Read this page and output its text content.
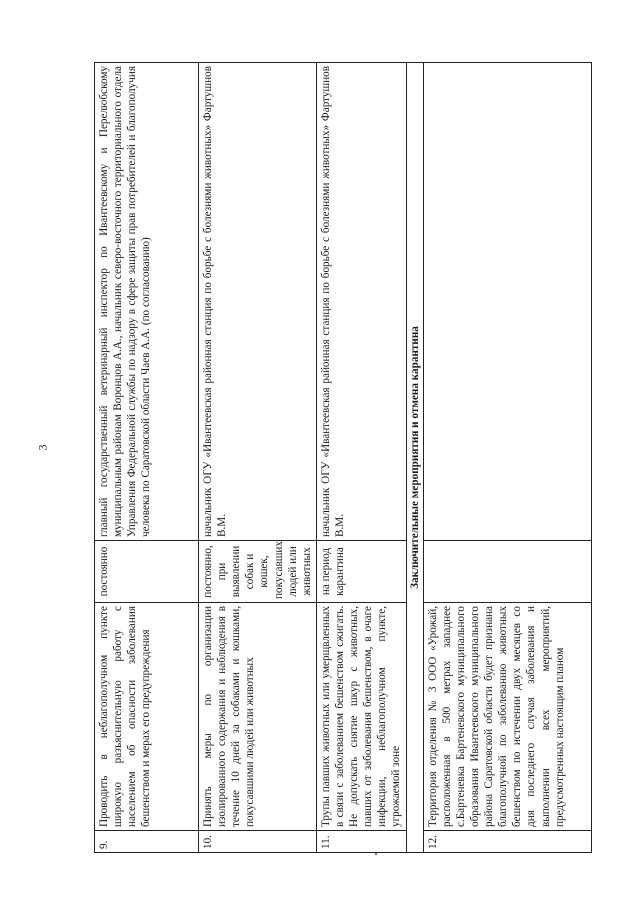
3
9.	Проводить в неблагополучном пункте широкую разъяснительную работу с населением об опасности заболевания бешенством и мерах его предупреждения	постоянно	главный государственный ветеринарный инспектор по Ивантеевскому и Перелюбскому муниципальным районам Воронцов А.А., начальник северо-восточного территориального отдела Управления Федеральной службы по надзору в сфере защиты прав потребителей и благополучия человека по Саратовской области Чаев А.А. (по согласованию)
10.	Принять меры по организации изолированного содержания и наблюдения в течение 10 дней за собаками и кошками, покусавшими людей или животных	постоянно, при выявлении собак и кошек, покусавших людей или животных	начальник ОГУ «Ивантеевская районная станция по борьбе с болезнями животных» Фартушнов В.М.
11.	Трупы павших животных или умерщвленных в связи с заболеванием бешенством сжигать. Не допускать снятие шкур с животных, павших от заболевания бешенством, в очаге инфекции, неблагополучном пункте, угрожаемой зоне	на период карантина	начальник ОГУ «Ивантеевская районная станция по борьбе с болезнями животных» Фартушнов В.М.
Заключительные мероприятия и отмена карантина			
12.	Территория отделения № 3 ООО «Урожай, расположенная в 500 метрах западнее с.Бартеневка Бартеневского муниципального образования Ивантеевского муниципального района Саратовской области будет признана благополучной по заболеванию животных бешенством по истечении двух месяцев со дня последнего случая заболевания и выполнении всех мероприятий, предусмотренных настоящим планом		
